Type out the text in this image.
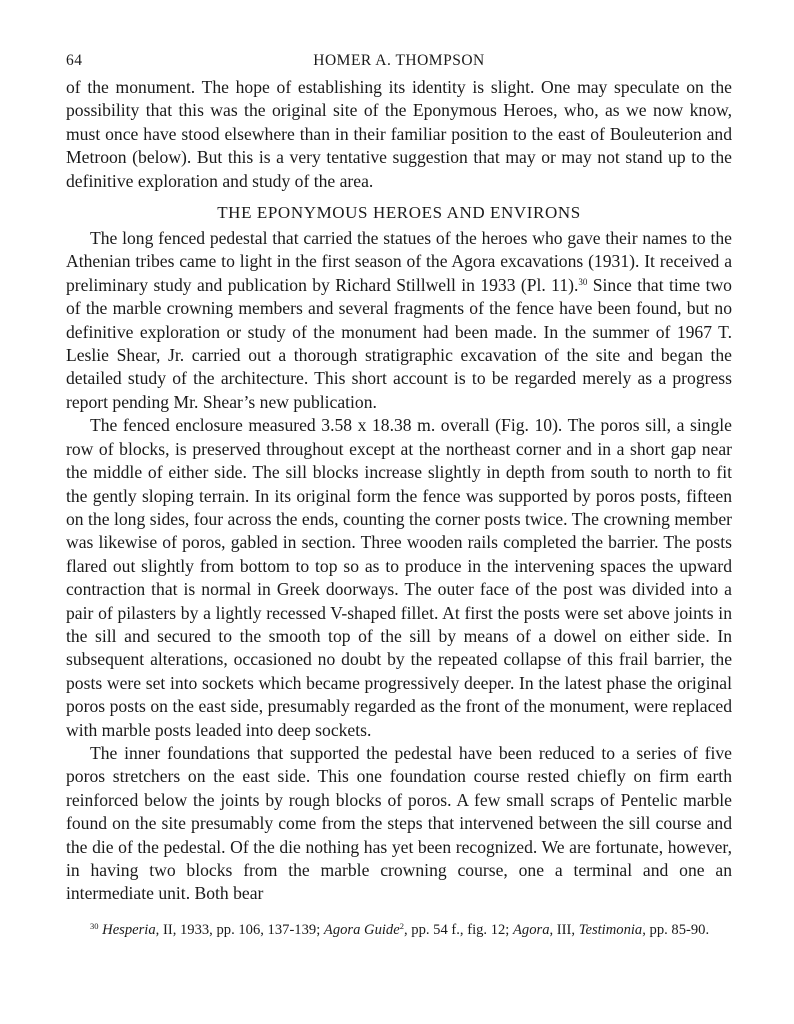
64	HOMER A. THOMPSON

of the monument. The hope of establishing its identity is slight. One may speculate on the possibility that this was the original site of the Eponymous Heroes, who, as we now know, must once have stood elsewhere than in their familiar position to the east of Bouleuterion and Metroon (below). But this is a very tentative suggestion that may or may not stand up to the definitive exploration and study of the area.

THE EPONYMOUS HEROES AND ENVIRONS

The long fenced pedestal that carried the statues of the heroes who gave their names to the Athenian tribes came to light in the first season of the Agora excavations (1931). It received a preliminary study and publication by Richard Stillwell in 1933 (Pl. 11).$^{30}$ Since that time two of the marble crowning members and several fragments of the fence have been found, but no definitive exploration or study of the monument had been made. In the summer of 1967 T. Leslie Shear, Jr. carried out a thorough stratigraphic excavation of the site and began the detailed study of the architecture. This short account is to be regarded merely as a progress report pending Mr. Shear’s new publication.

The fenced enclosure measured 3.58 x 18.38 m. overall (Fig. 10). The poros sill, a single row of blocks, is preserved throughout except at the northeast corner and in a short gap near the middle of either side. The sill blocks increase slightly in depth from south to north to fit the gently sloping terrain. In its original form the fence was supported by poros posts, fifteen on the long sides, four across the ends, counting the corner posts twice. The crowning member was likewise of poros, gabled in section. Three wooden rails completed the barrier. The posts flared out slightly from bottom to top so as to produce in the intervening spaces the upward contraction that is normal in Greek doorways. The outer face of the post was divided into a pair of pilasters by a lightly recessed V-shaped fillet. At first the posts were set above joints in the sill and secured to the smooth top of the sill by means of a dowel on either side. In subsequent alterations, occasioned no doubt by the repeated collapse of this frail barrier, the posts were set into sockets which became progressively deeper. In the latest phase the original poros posts on the east side, presumably regarded as the front of the monument, were replaced with marble posts leaded into deep sockets.

The inner foundations that supported the pedestal have been reduced to a series of five poros stretchers on the east side. This one foundation course rested chiefly on firm earth reinforced below the joints by rough blocks of poros. A few small scraps of Pentelic marble found on the site presumably come from the steps that intervened between the sill course and the die of the pedestal. Of the die nothing has yet been recognized. We are fortunate, however, in having two blocks from the marble crowning course, one a terminal and one an intermediate unit. Both bear

$^{30}$ Hesperia, II, 1933, pp. 106, 137-139; Agora Guide$^2$, pp. 54 f., fig. 12; Agora, III, Testimonia, pp. 85-90.
